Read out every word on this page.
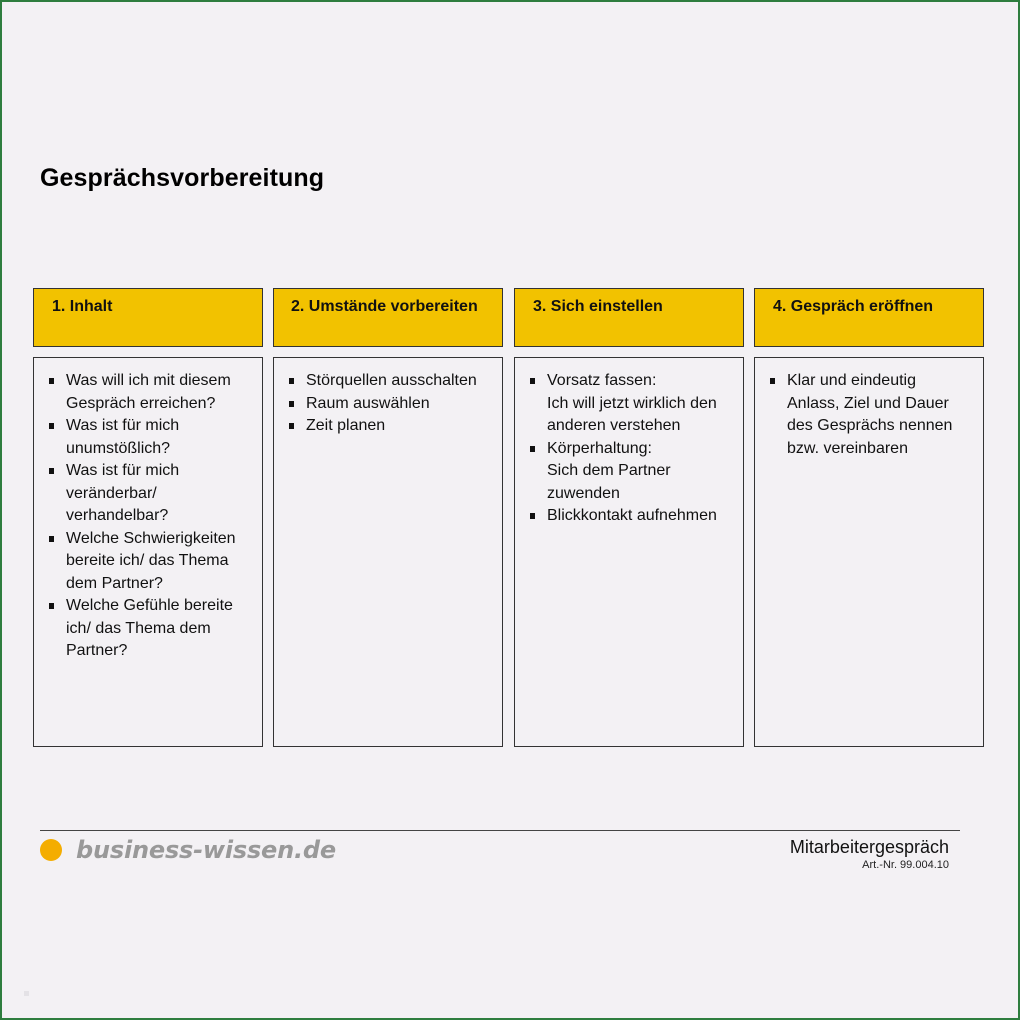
Gesprächsvorbereitung
1. Inhalt
Was will ich mit diesem
Gespräch erreichen?
Was ist für mich
unumstößlich?
Was ist für mich
veränderbar/
verhandelbar?
Welche Schwierigkeiten
bereite ich/ das Thema
dem Partner?
Welche Gefühle bereite
ich/ das Thema dem
Partner?
2. Umstände vorbereiten
Störquellen ausschalten
Raum auswählen
Zeit planen
3. Sich einstellen
Vorsatz fassen:
Ich will jetzt wirklich den
anderen verstehen
Körperhaltung:
Sich dem Partner
zuwenden
Blickkontakt aufnehmen
4. Gespräch eröffnen
Klar und eindeutig
Anlass, Ziel und Dauer
des Gesprächs nennen
bzw. vereinbaren
business-wissen.de	Mitarbeitergespräch
Art.-Nr. 99.004.10
